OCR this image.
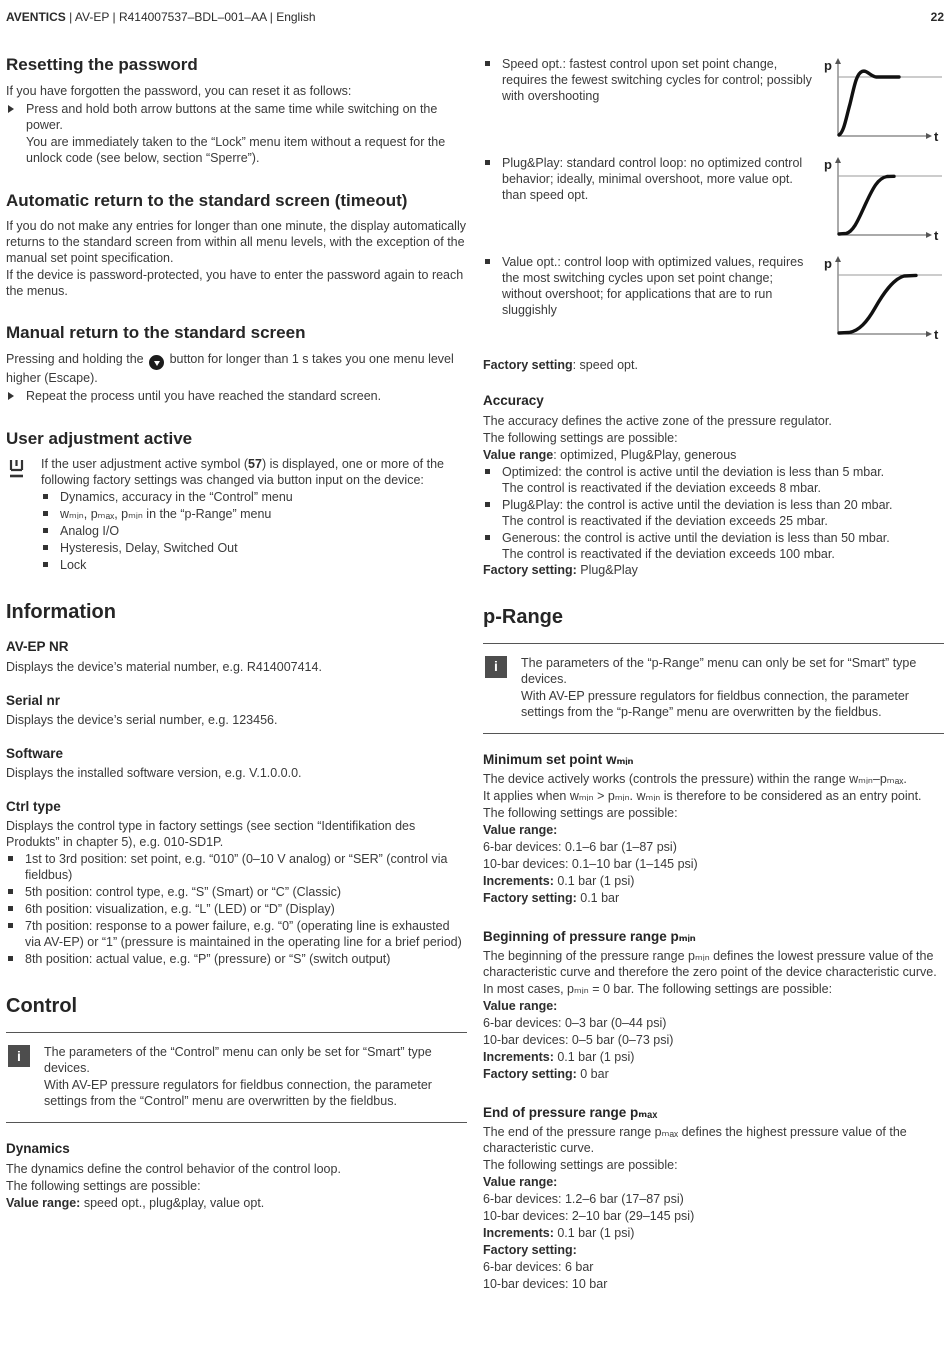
AVENTICS | AV-EP | R414007537–BDL–001–AA | English	22
Resetting the password
If you have forgotten the password, you can reset it as follows:
Press and hold both arrow buttons at the same time while switching on the power.
You are immediately taken to the “Lock” menu item without a request for the unlock code (see below, section “Sperre”).
Automatic return to the standard screen (timeout)
If you do not make any entries for longer than one minute, the display automatically returns to the standard screen from within all menu levels, with the exception of the manual set point specification.
If the device is password-protected, you have to enter the password again to reach the menus.
Manual return to the standard screen
Pressing and holding the button for longer than 1 s takes you one menu level higher (Escape).
Repeat the process until you have reached the standard screen.
User adjustment active
If the user adjustment active symbol (57) is displayed, one or more of the following factory settings was changed via button input on the device:
Dynamics, accuracy in the “Control” menu
wₘᵢₙ, pₘₐₓ, pₘᵢₙ in the “p-Range” menu
Analog I/O
Hysteresis, Delay, Switched Out
Lock
Information
AV-EP NR
Displays the device’s material number, e.g. R414007414.
Serial nr
Displays the device’s serial number, e.g. 123456.
Software
Displays the installed software version, e.g. V.1.0.0.0.
Ctrl type
Displays the control type in factory settings (see section “Identifikation des Produkts” in chapter 5), e.g. 010-SD1P.
1st to 3rd position: set point, e.g. “010” (0–10 V analog) or “SER” (control via fieldbus)
5th position: control type, e.g. “S” (Smart) or “C” (Classic)
6th position: visualization, e.g. “L” (LED) or “D” (Display)
7th position: response to a power failure, e.g. “0” (operating line is exhausted via AV-EP) or “1” (pressure is maintained in the operating line for a brief period)
8th position: actual value, e.g. “P” (pressure) or “S” (switch output)
Control
i	The parameters of the “Control” menu can only be set for “Smart” type devices.
With AV-EP pressure regulators for fieldbus connection, the parameter settings from the “Control” menu are overwritten by the fieldbus.
Dynamics
The dynamics define the control behavior of the control loop.
The following settings are possible:
Value range: speed opt., plug&play, value opt.
Speed opt.: fastest control upon set point change, requires the fewest switching cycles for control; possibly with overshooting
p
t
Plug&Play: standard control loop: no optimized control behavior; ideally, minimal overshoot, more value opt. than speed opt.
p
t
Value opt.: control loop with optimized values, requires the most switching cycles upon set point change; without overshoot; for applications that are to run sluggishly
p
t
Factory setting: speed opt.
Accuracy
The accuracy defines the active zone of the pressure regulator.
The following settings are possible:
Value range: optimized, Plug&Play, generous
Optimized: the control is active until the deviation is less than 5 mbar.
The control is reactivated if the deviation exceeds 8 mbar.
Plug&Play: the control is active until the deviation is less than 20 mbar.
The control is reactivated if the deviation exceeds 25 mbar.
Generous: the control is active until the deviation is less than 50 mbar.
The control is reactivated if the deviation exceeds 100 mbar.
Factory setting: Plug&Play
p-Range
i	The parameters of the “p-Range” menu can only be set for “Smart” type devices.
With AV-EP pressure regulators for fieldbus connection, the parameter settings from the “p-Range” menu are overwritten by the fieldbus.
Minimum set point wₘᵢₙ
The device actively works (controls the pressure) within the range wₘᵢₙ–pₘₐₓ.
It applies when wₘᵢₙ > pₘᵢₙ. wₘᵢₙ is therefore to be considered as an entry point.
The following settings are possible:
Value range:
6-bar devices: 0.1–6 bar (1–87 psi)
10-bar devices: 0.1–10 bar (1–145 psi)
Increments: 0.1 bar (1 psi)
Factory setting: 0.1 bar
Beginning of pressure range pₘᵢₙ
The beginning of the pressure range pₘᵢₙ defines the lowest pressure value of the characteristic curve and therefore the zero point of the device characteristic curve.
In most cases, pₘᵢₙ = 0 bar. The following settings are possible:
Value range:
6-bar devices: 0–3 bar (0–44 psi)
10-bar devices: 0–5 bar (0–73 psi)
Increments: 0.1 bar (1 psi)
Factory setting: 0 bar
End of pressure range pₘₐₓ
The end of the pressure range pₘₐₓ defines the highest pressure value of the characteristic curve.
The following settings are possible:
Value range:
6-bar devices: 1.2–6 bar (17–87 psi)
10-bar devices: 2–10 bar (29–145 psi)
Increments: 0.1 bar (1 psi)
Factory setting:
6-bar devices: 6 bar
10-bar devices: 10 bar
